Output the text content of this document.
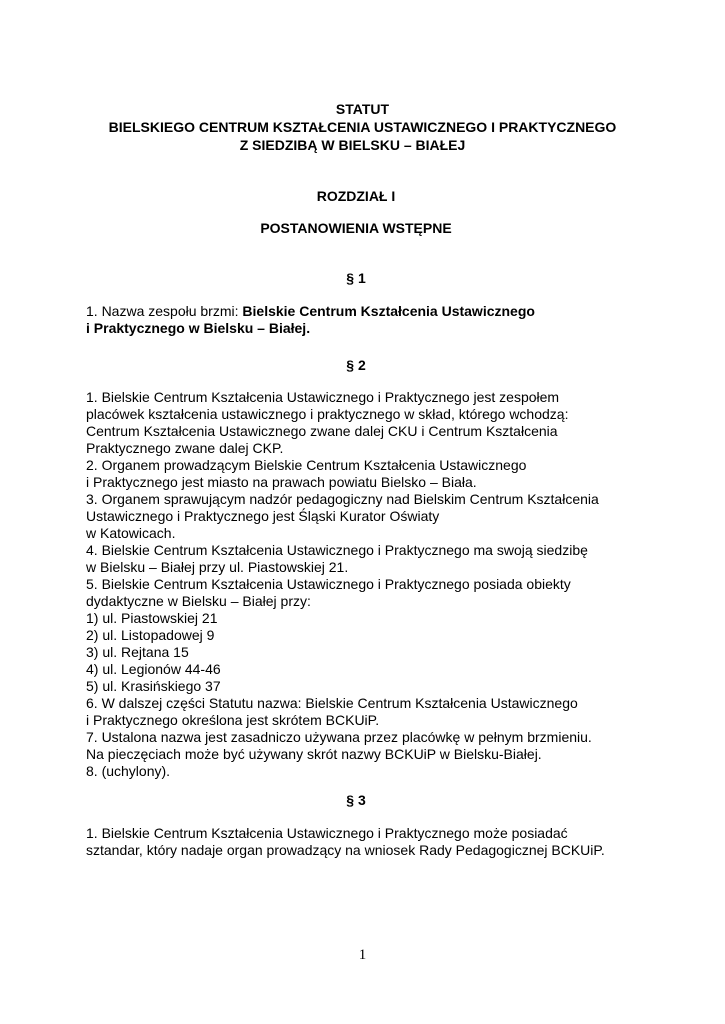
STATUT
BIELSKIEGO CENTRUM KSZTAŁCENIA USTAWICZNEGO I PRAKTYCZNEGO
Z SIEDZIBĄ W BIELSKU – BIAŁEJ
ROZDZIAŁ I
POSTANOWIENIA WSTĘPNE
§ 1
1. Nazwa zespołu brzmi: Bielskie Centrum Kształcenia Ustawicznego
i Praktycznego w Bielsku – Białej.
§ 2
1. Bielskie Centrum Kształcenia Ustawicznego i Praktycznego jest zespołem
placówek kształcenia ustawicznego i praktycznego w skład, którego wchodzą:
Centrum Kształcenia Ustawicznego zwane dalej CKU i Centrum Kształcenia
Praktycznego zwane dalej CKP.
2. Organem prowadzącym Bielskie Centrum Kształcenia Ustawicznego
i Praktycznego jest miasto na prawach powiatu Bielsko – Biała.
3. Organem sprawującym nadzór pedagogiczny nad Bielskim Centrum Kształcenia
Ustawicznego i Praktycznego jest Śląski Kurator Oświaty
w Katowicach.
4. Bielskie Centrum Kształcenia Ustawicznego i Praktycznego ma swoją siedzibę
w Bielsku – Białej przy ul. Piastowskiej 21.
5. Bielskie Centrum Kształcenia Ustawicznego i Praktycznego posiada obiekty
dydaktyczne w Bielsku – Białej przy:
1) ul. Piastowskiej 21
2) ul. Listopadowej 9
3) ul. Rejtana 15
4) ul. Legionów 44-46
5) ul. Krasińskiego 37
6. W dalszej części Statutu nazwa: Bielskie Centrum Kształcenia Ustawicznego
i Praktycznego określona jest skrótem BCKUiP.
7. Ustalona nazwa jest zasadniczo używana przez placówkę w pełnym brzmieniu.
Na pieczęciach może być używany skrót nazwy BCKUiP w Bielsku-Białej.
8. (uchylony).
§ 3
1. Bielskie Centrum Kształcenia Ustawicznego i Praktycznego może posiadać
sztandar, który nadaje organ prowadzący na wniosek Rady Pedagogicznej BCKUiP.
1
